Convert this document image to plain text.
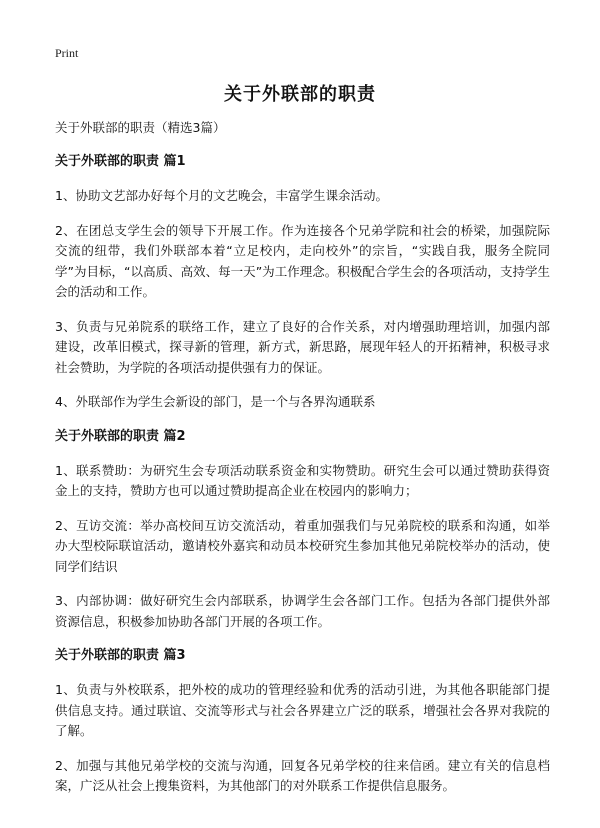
Print
关于外联部的职责

关于外联部的职责（精选3篇）

关于外联部的职责 篇1

1、协助文艺部办好每个月的文艺晚会，丰富学生课余活动。

2、在团总支学生会的领导下开展工作。作为连接各个兄弟学院和社会的桥梁，加强院际交流的纽带，我们外联部本着“立足校内，走向校外”的宗旨，“实践自我，服务全院同学”为目标，“以高质、高效、每一天”为工作理念。积极配合学生会的各项活动，支持学生会的活动和工作。

3、负责与兄弟院系的联络工作，建立了良好的合作关系，对内增强助理培训，加强内部建设，改革旧模式，探寻新的管理，新方式，新思路，展现年轻人的开拓精神，积极寻求社会赞助，为学院的各项活动提供强有力的保证。

4、外联部作为学生会新设的部门，是一个与各界沟通联系

关于外联部的职责 篇2

1、联系赞助：为研究生会专项活动联系资金和实物赞助。研究生会可以通过赞助获得资金上的支持，赞助方也可以通过赞助提高企业在校园内的影响力；

2、互访交流：举办高校间互访交流活动，着重加强我们与兄弟院校的联系和沟通，如举办大型校际联谊活动，邀请校外嘉宾和动员本校研究生参加其他兄弟院校举办的活动，使同学们结识

3、内部协调：做好研究生会内部联系，协调学生会各部门工作。包括为各部门提供外部资源信息，积极参加协助各部门开展的各项工作。

关于外联部的职责 篇3

1、负责与外校联系，把外校的成功的管理经验和优秀的活动引进，为其他各职能部门提供信息支持。通过联谊、交流等形式与社会各界建立广泛的联系，增强社会各界对我院的了解。

2、加强与其他兄弟学校的交流与沟通，回复各兄弟学校的往来信函。建立有关的信息档案，广泛从社会上搜集资料，为其他部门的对外联系工作提供信息服务。
